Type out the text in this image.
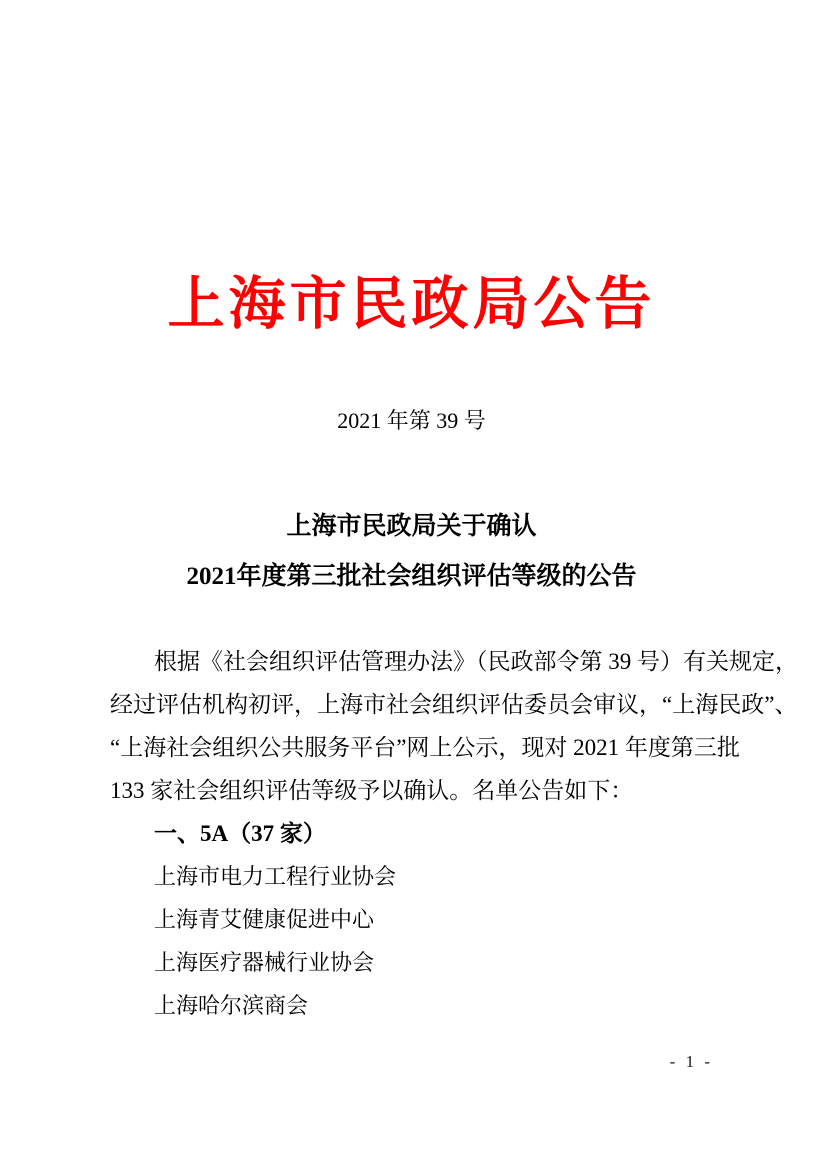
上海市民政局公告
2021 年第 39 号
上海市民政局关于确认
2021年度第三批社会组织评估等级的公告
根据《社会组织评估管理办法》（民政部令第 39 号）有关规定，
经过评估机构初评，上海市社会组织评估委员会审议，“上海民政”、
“上海社会组织公共服务平台”网上公示，现对 2021 年度第三批
133 家社会组织评估等级予以确认。名单公告如下：
一、5A（37 家）
上海市电力工程行业协会
上海青艾健康促进中心
上海医疗器械行业协会
上海哈尔滨商会
- 1 -
